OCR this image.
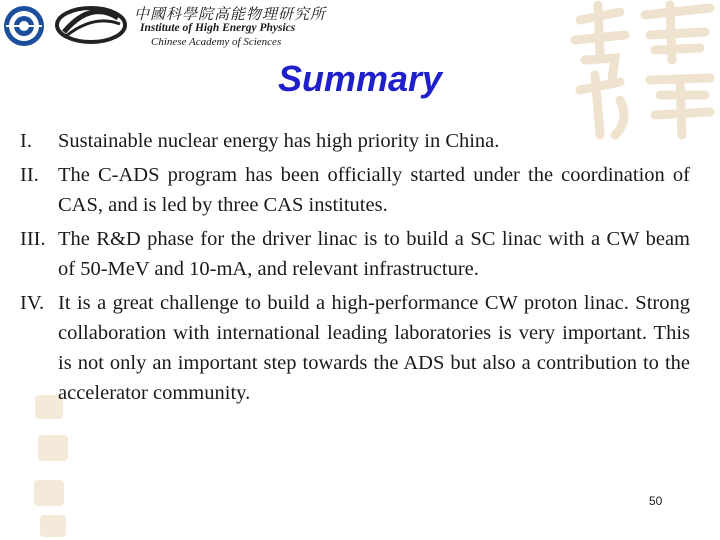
中國科學院高能物理研究所
Institute of High Energy Physics
Chinese Academy of Sciences
Summary
I. Sustainable nuclear energy has high priority in China.
II. The C-ADS program has been officially started under the coordination of CAS, and is led by three CAS institutes.
III. The R&D phase for the driver linac is to build a SC linac with a CW beam of 50-MeV and 10-mA, and relevant infrastructure.
IV. It is a great challenge to build a high-performance CW proton linac. Strong collaboration with international leading laboratories is very important. This is not only an important step towards the ADS but also a contribution to the accelerator community.
50
